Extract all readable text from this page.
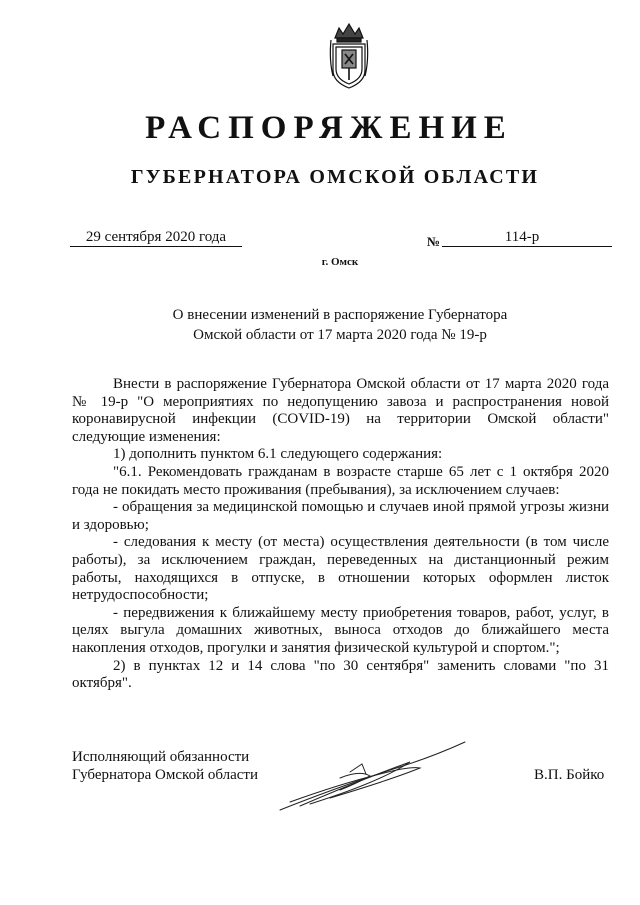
РАСПОРЯЖЕНИЕ
ГУБЕРНАТОРА ОМСКОЙ ОБЛАСТИ
29 сентября 2020 года	№	114-р
г. Омск
О внесении изменений в распоряжение Губернатора
Омской области от 17 марта 2020 года № 19-р

Внести в распоряжение Губернатора Омской области от 17 марта 2020 года № 19-р "О мероприятиях по недопущению завоза и распространения новой коронавирусной инфекции (COVID-19) на территории Омской области" следующие изменения:

1) дополнить пунктом 6.1 следующего содержания:

"6.1. Рекомендовать гражданам в возрасте старше 65 лет с 1 октября 2020 года не покидать место проживания (пребывания), за исключением случаев:

- обращения за медицинской помощью и случаев иной прямой угрозы жизни и здоровью;

- следования к месту (от места) осуществления деятельности (в том числе работы), за исключением граждан, переведенных на дистанционный режим работы, находящихся в отпуске, в отношении которых оформлен листок нетрудоспособности;

- передвижения к ближайшему месту приобретения товаров, работ, услуг, в целях выгула домашних животных, выноса отходов до ближайшего места накопления отходов, прогулки и занятия физической культурой и спортом.";

2) в пунктах 12 и 14 слова "по 30 сентября" заменить словами "по 31 октября".

Исполняющий обязанности
Губернатора Омской области	В.П. Бойко
